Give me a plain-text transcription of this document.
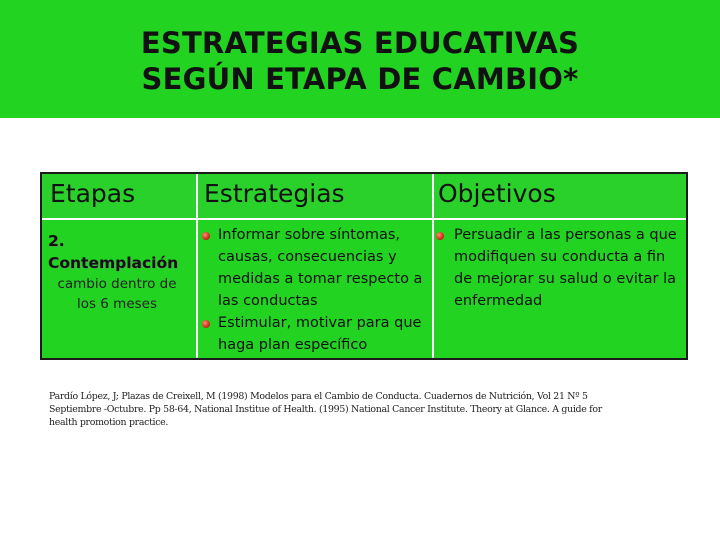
ESTRATEGIAS EDUCATIVAS
SEGÚN ETAPA DE CAMBIO*
Etapas	Estrategias	Objetivos
2.
Contemplación
cambio dentro de los 6 meses
Informar sobre síntomas, causas, consecuencias y medidas a tomar respecto a las conductas
Estimular, motivar para que haga plan específico
Persuadir a las personas a que modifiquen su conducta a fin de mejorar su salud o evitar la enfermedad
Pardío López, J; Plazas de Creixell, M (1998) Modelos para el Cambio de Conducta. Cuadernos de Nutrición, Vol 21 Nº 5 Septiembre -Octubre. Pp 58-64, National Institue of Health. (1995) National Cancer Institute. Theory at Glance. A guide for health promotion practice.
